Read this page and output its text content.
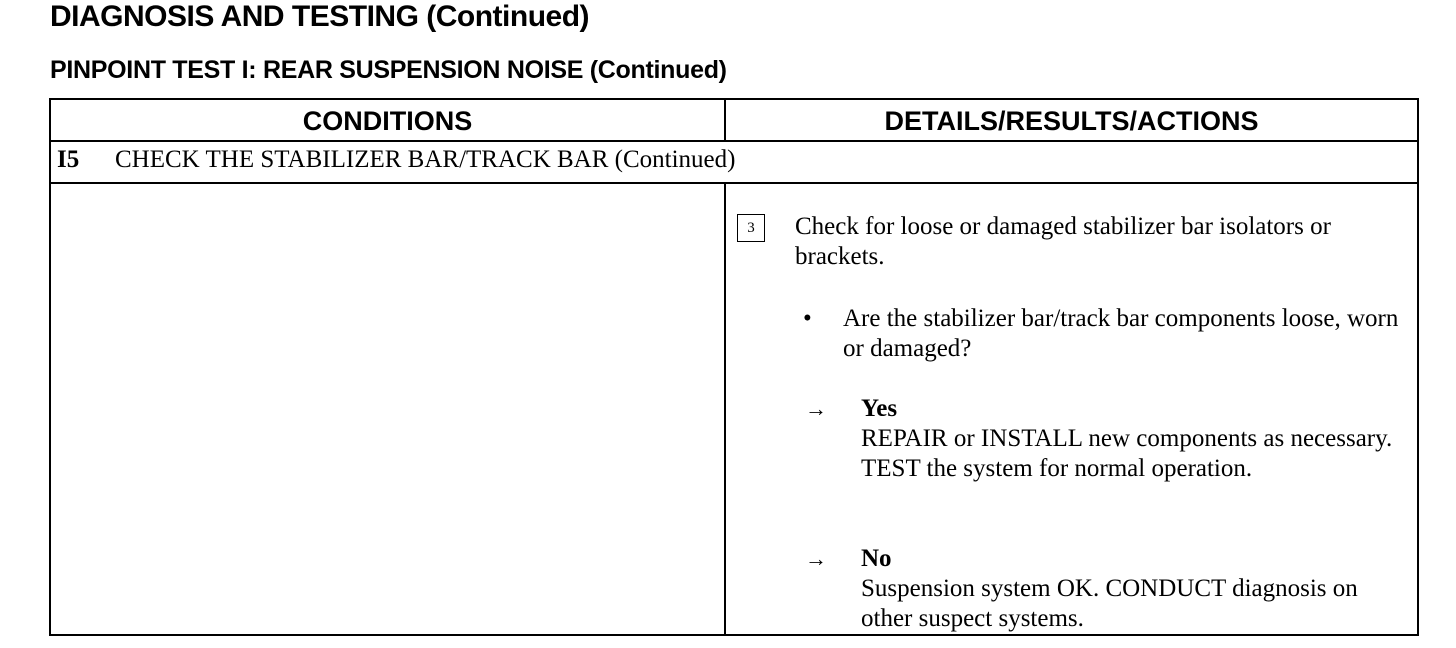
DIAGNOSIS AND TESTING (Continued)
PINPOINT TEST I: REAR SUSPENSION NOISE (Continued)
CONDITIONS	DETAILS/RESULTS/ACTIONS
I5 CHECK THE STABILIZER BAR/TRACK BAR (Continued)
3	Check for loose or damaged stabilizer bar isolators or brackets.
• Are the stabilizer bar/track bar components loose, worn or damaged?
→ Yes
REPAIR or INSTALL new components as necessary. TEST the system for normal operation.
→ No
Suspension system OK. CONDUCT diagnosis on other suspect systems.
